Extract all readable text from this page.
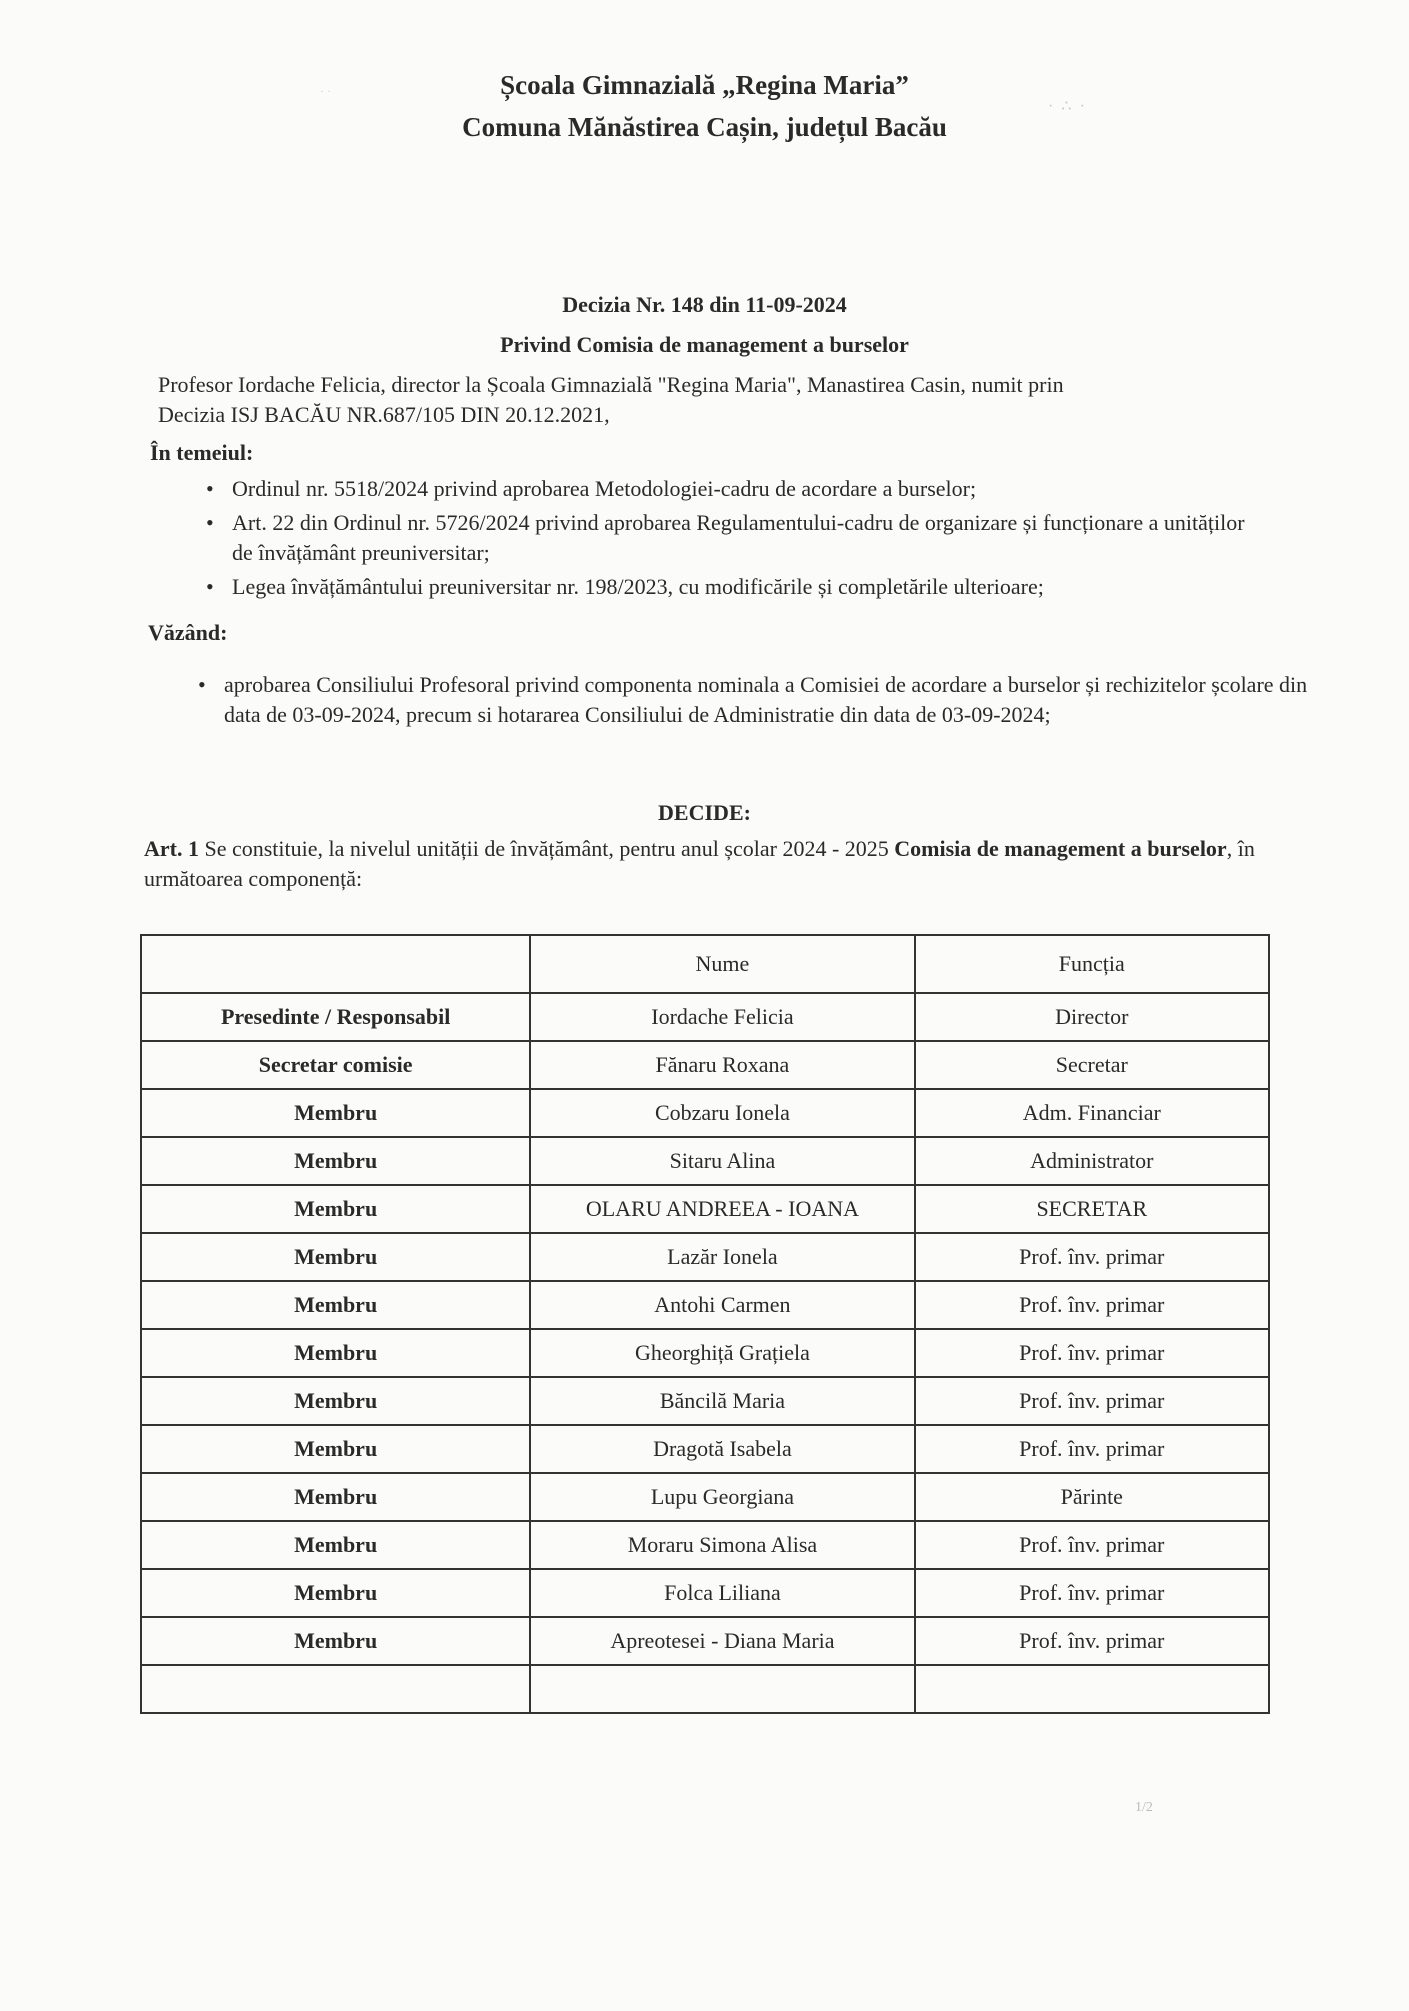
· ·
· ∴ ·
Școala Gimnazială „Regina Maria”
Comuna Mănăstirea Cașin, județul Bacău
Decizia Nr. 148 din 11-09-2024
Privind Comisia de management a burselor
Profesor Iordache Felicia, director la Școala Gimnazială "Regina Maria", Manastirea Casin, numit prin
Decizia ISJ BACĂU NR.687/105 DIN 20.12.2021,
În temeiul:
• Ordinul nr. 5518/2024 privind aprobarea Metodologiei-cadru de acordare a burselor;
• Art. 22 din Ordinul nr. 5726/2024 privind aprobarea Regulamentului-cadru de organizare și funcționare a unităților de învățământ preuniversitar;
• Legea învățământului preuniversitar nr. 198/2023, cu modificările și completările ulterioare;
Văzând:
• aprobarea Consiliului Profesoral privind componenta nominala a Comisiei de acordare a burselor și rechizitelor școlare din data de 03-09-2024, precum si hotararea Consiliului de Administratie din data de 03-09-2024;
DECIDE:
Art. 1 Se constituie, la nivelul unității de învățământ, pentru anul școlar 2024 - 2025 Comisia de management a burselor, în următoarea componență:
	Nume	Funcția
Presedinte / Responsabil	Iordache Felicia	Director
Secretar comisie	Fănaru Roxana	Secretar
Membru	Cobzaru Ionela	Adm. Financiar
Membru	Sitaru Alina	Administrator
Membru	OLARU ANDREEA - IOANA	SECRETAR
Membru	Lazăr Ionela	Prof. înv. primar
Membru	Antohi Carmen	Prof. înv. primar
Membru	Gheorghiță Grațiela	Prof. înv. primar
Membru	Băncilă Maria	Prof. înv. primar
Membru	Dragotă Isabela	Prof. înv. primar
Membru	Lupu Georgiana	Părinte
Membru	Moraru Simona Alisa	Prof. înv. primar
Membru	Folca Liliana	Prof. înv. primar
Membru	Apreotesei - Diana Maria	Prof. înv. primar

1/2
